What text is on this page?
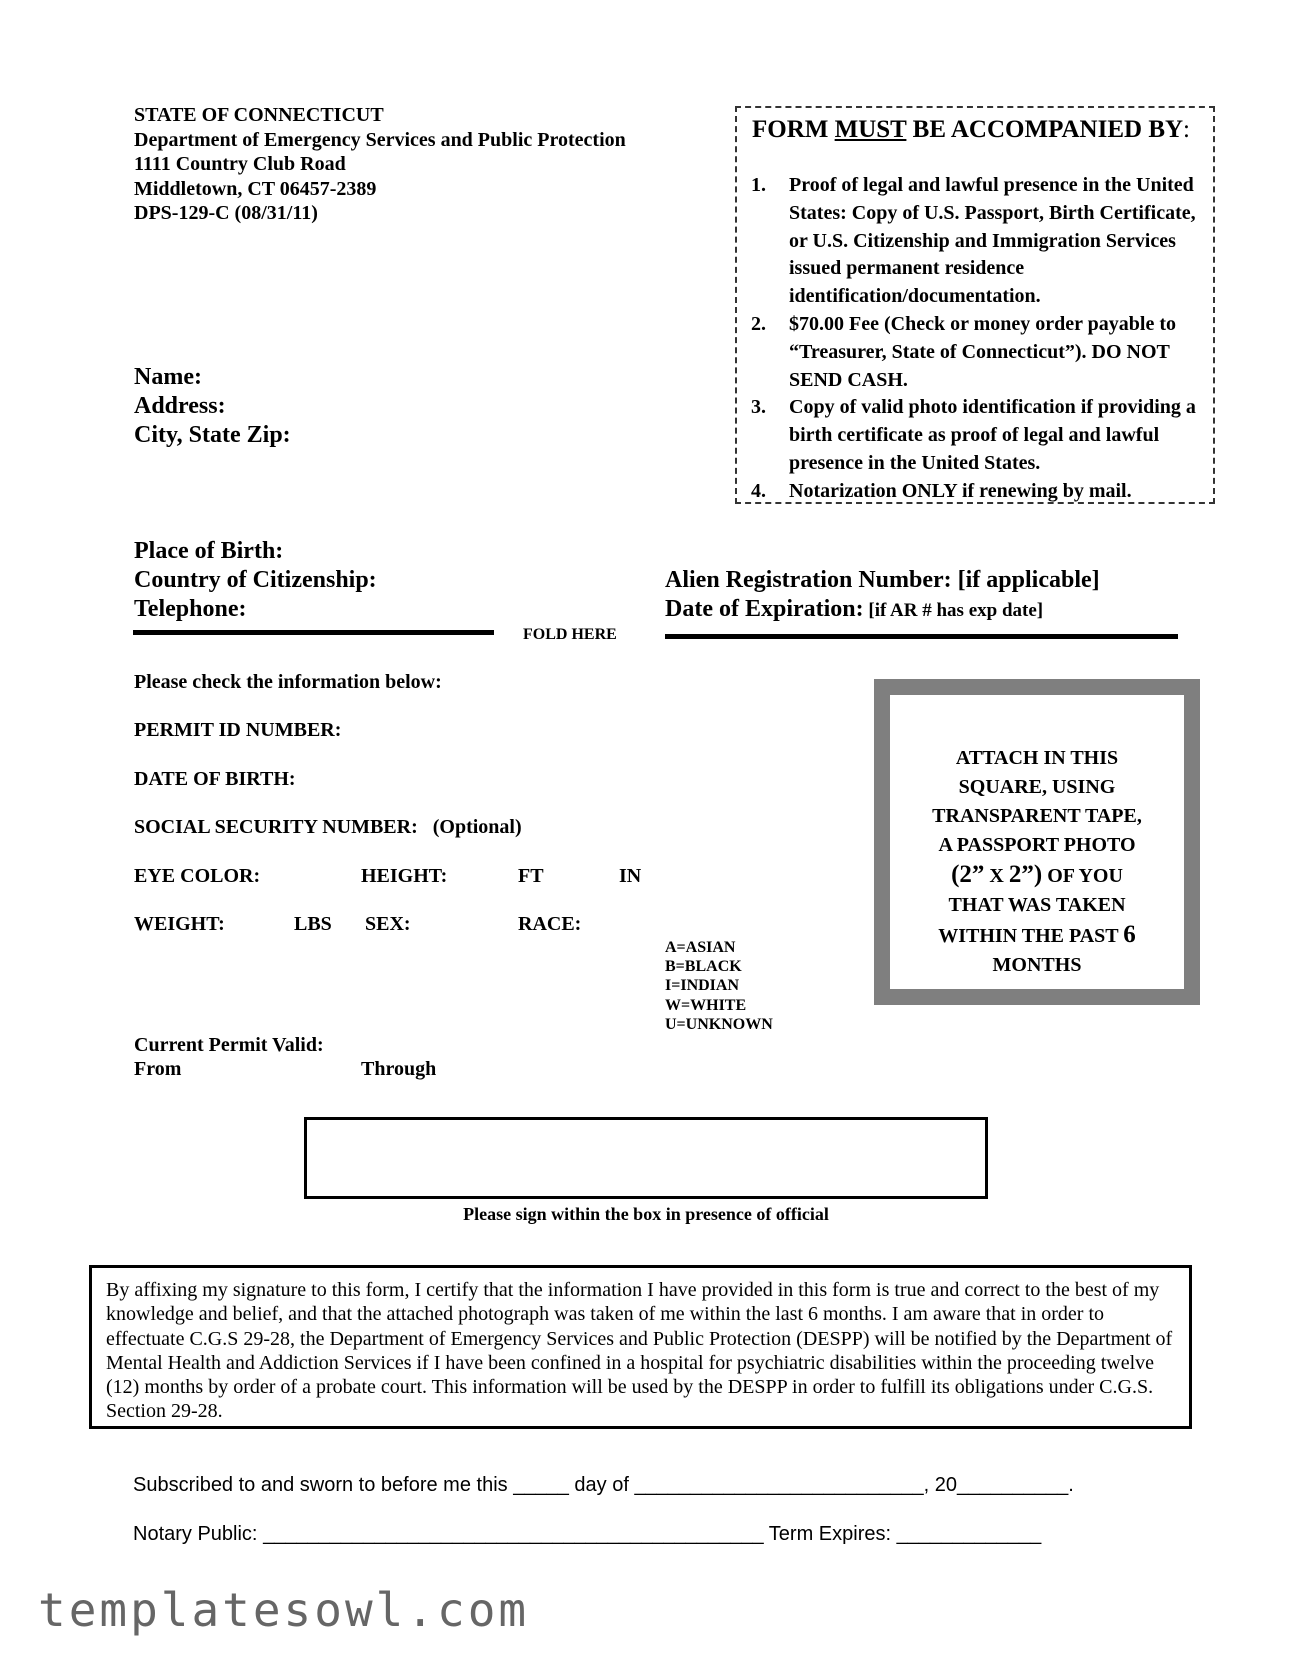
STATE OF CONNECTICUT
Department of Emergency Services and Public Protection
1111 Country Club Road
Middletown, CT 06457-2389
DPS-129-C (08/31/11)
FORM MUST BE ACCOMPANIED BY:
1. Proof of legal and lawful presence in the United States: Copy of U.S. Passport, Birth Certificate, or U.S. Citizenship and Immigration Services issued permanent residence identification/documentation.
2. $70.00 Fee (Check or money order payable to “Treasurer, State of Connecticut”). DO NOT SEND CASH.
3. Copy of valid photo identification if providing a birth certificate as proof of legal and lawful presence in the United States.
4. Notarization ONLY if renewing by mail.
Name:
Address:
City, State Zip:
Place of Birth:
Country of Citizenship:
Telephone:
Alien Registration Number: [if applicable]
Date of Expiration: [if AR # has exp date]
FOLD HERE
Please check the information below:
PERMIT ID NUMBER:
DATE OF BIRTH:
SOCIAL SECURITY NUMBER: (Optional)
EYE COLOR:	HEIGHT:	FT	IN
WEIGHT:	LBS SEX:	RACE:
A=ASIAN
B=BLACK
I=INDIAN
W=WHITE
U=UNKNOWN
Current Permit Valid:
From	Through
ATTACH IN THIS
SQUARE, USING
TRANSPARENT TAPE,
A PASSPORT PHOTO
(2” X 2”) OF YOU
THAT WAS TAKEN
WITHIN THE PAST 6
MONTHS
Please sign within the box in presence of official
By affixing my signature to this form, I certify that the information I have provided in this form is true and correct to the best of my knowledge and belief, and that the attached photograph was taken of me within the last 6 months. I am aware that in order to effectuate C.G.S 29-28, the Department of Emergency Services and Public Protection (DESPP) will be notified by the Department of Mental Health and Addiction Services if I have been confined in a hospital for psychiatric disabilities within the proceeding twelve (12) months by order of a probate court. This information will be used by the DESPP in order to fulfill its obligations under C.G.S. Section 29-28.
Subscribed to and sworn to before me this _____ day of __________________________, 20__________.
Notary Public: _____________________________________________ Term Expires: _____________
templatesowl.com
